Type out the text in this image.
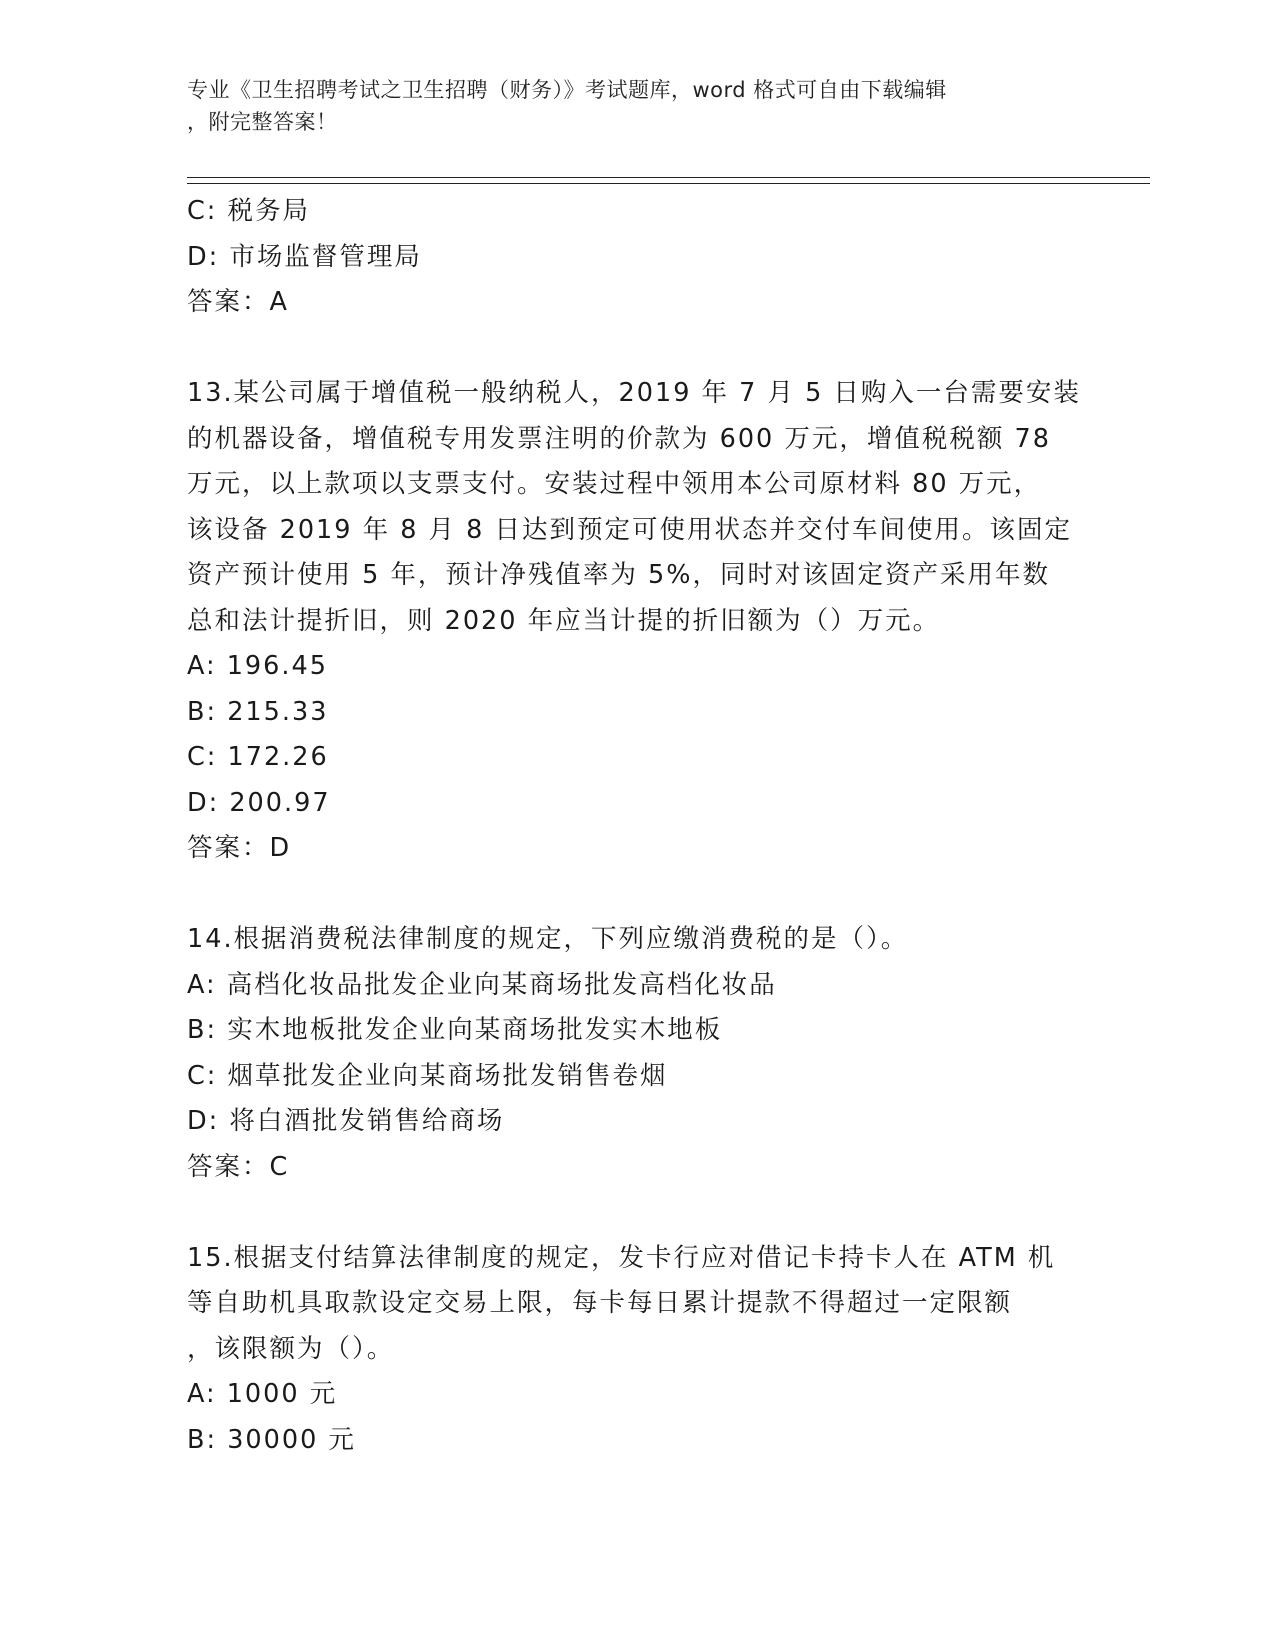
专业《卫生招聘考试之卫生招聘（财务）》考试题库，word 格式可自由下载编辑
，附完整答案！
C: 税务局
D: 市场监督管理局
答案：A
13.某公司属于增值税一般纳税人，2019 年 7 月 5 日购入一台需要安装
的机器设备，增值税专用发票注明的价款为 600 万元，增值税税额 78
万元，以上款项以支票支付。安装过程中领用本公司原材料 80 万元，
该设备 2019 年 8 月 8 日达到预定可使用状态并交付车间使用。该固定
资产预计使用 5 年，预计净残值率为 5%，同时对该固定资产采用年数
总和法计提折旧，则 2020 年应当计提的折旧额为（）万元。
A: 196.45
B: 215.33
C: 172.26
D: 200.97
答案：D
14.根据消费税法律制度的规定，下列应缴消费税的是（）。
A: 高档化妆品批发企业向某商场批发高档化妆品
B: 实木地板批发企业向某商场批发实木地板
C: 烟草批发企业向某商场批发销售卷烟
D: 将白酒批发销售给商场
答案：C
15.根据支付结算法律制度的规定，发卡行应对借记卡持卡人在 ATM 机
等自助机具取款设定交易上限，每卡每日累计提款不得超过一定限额
，该限额为（）。
A: 1000 元
B: 30000 元
